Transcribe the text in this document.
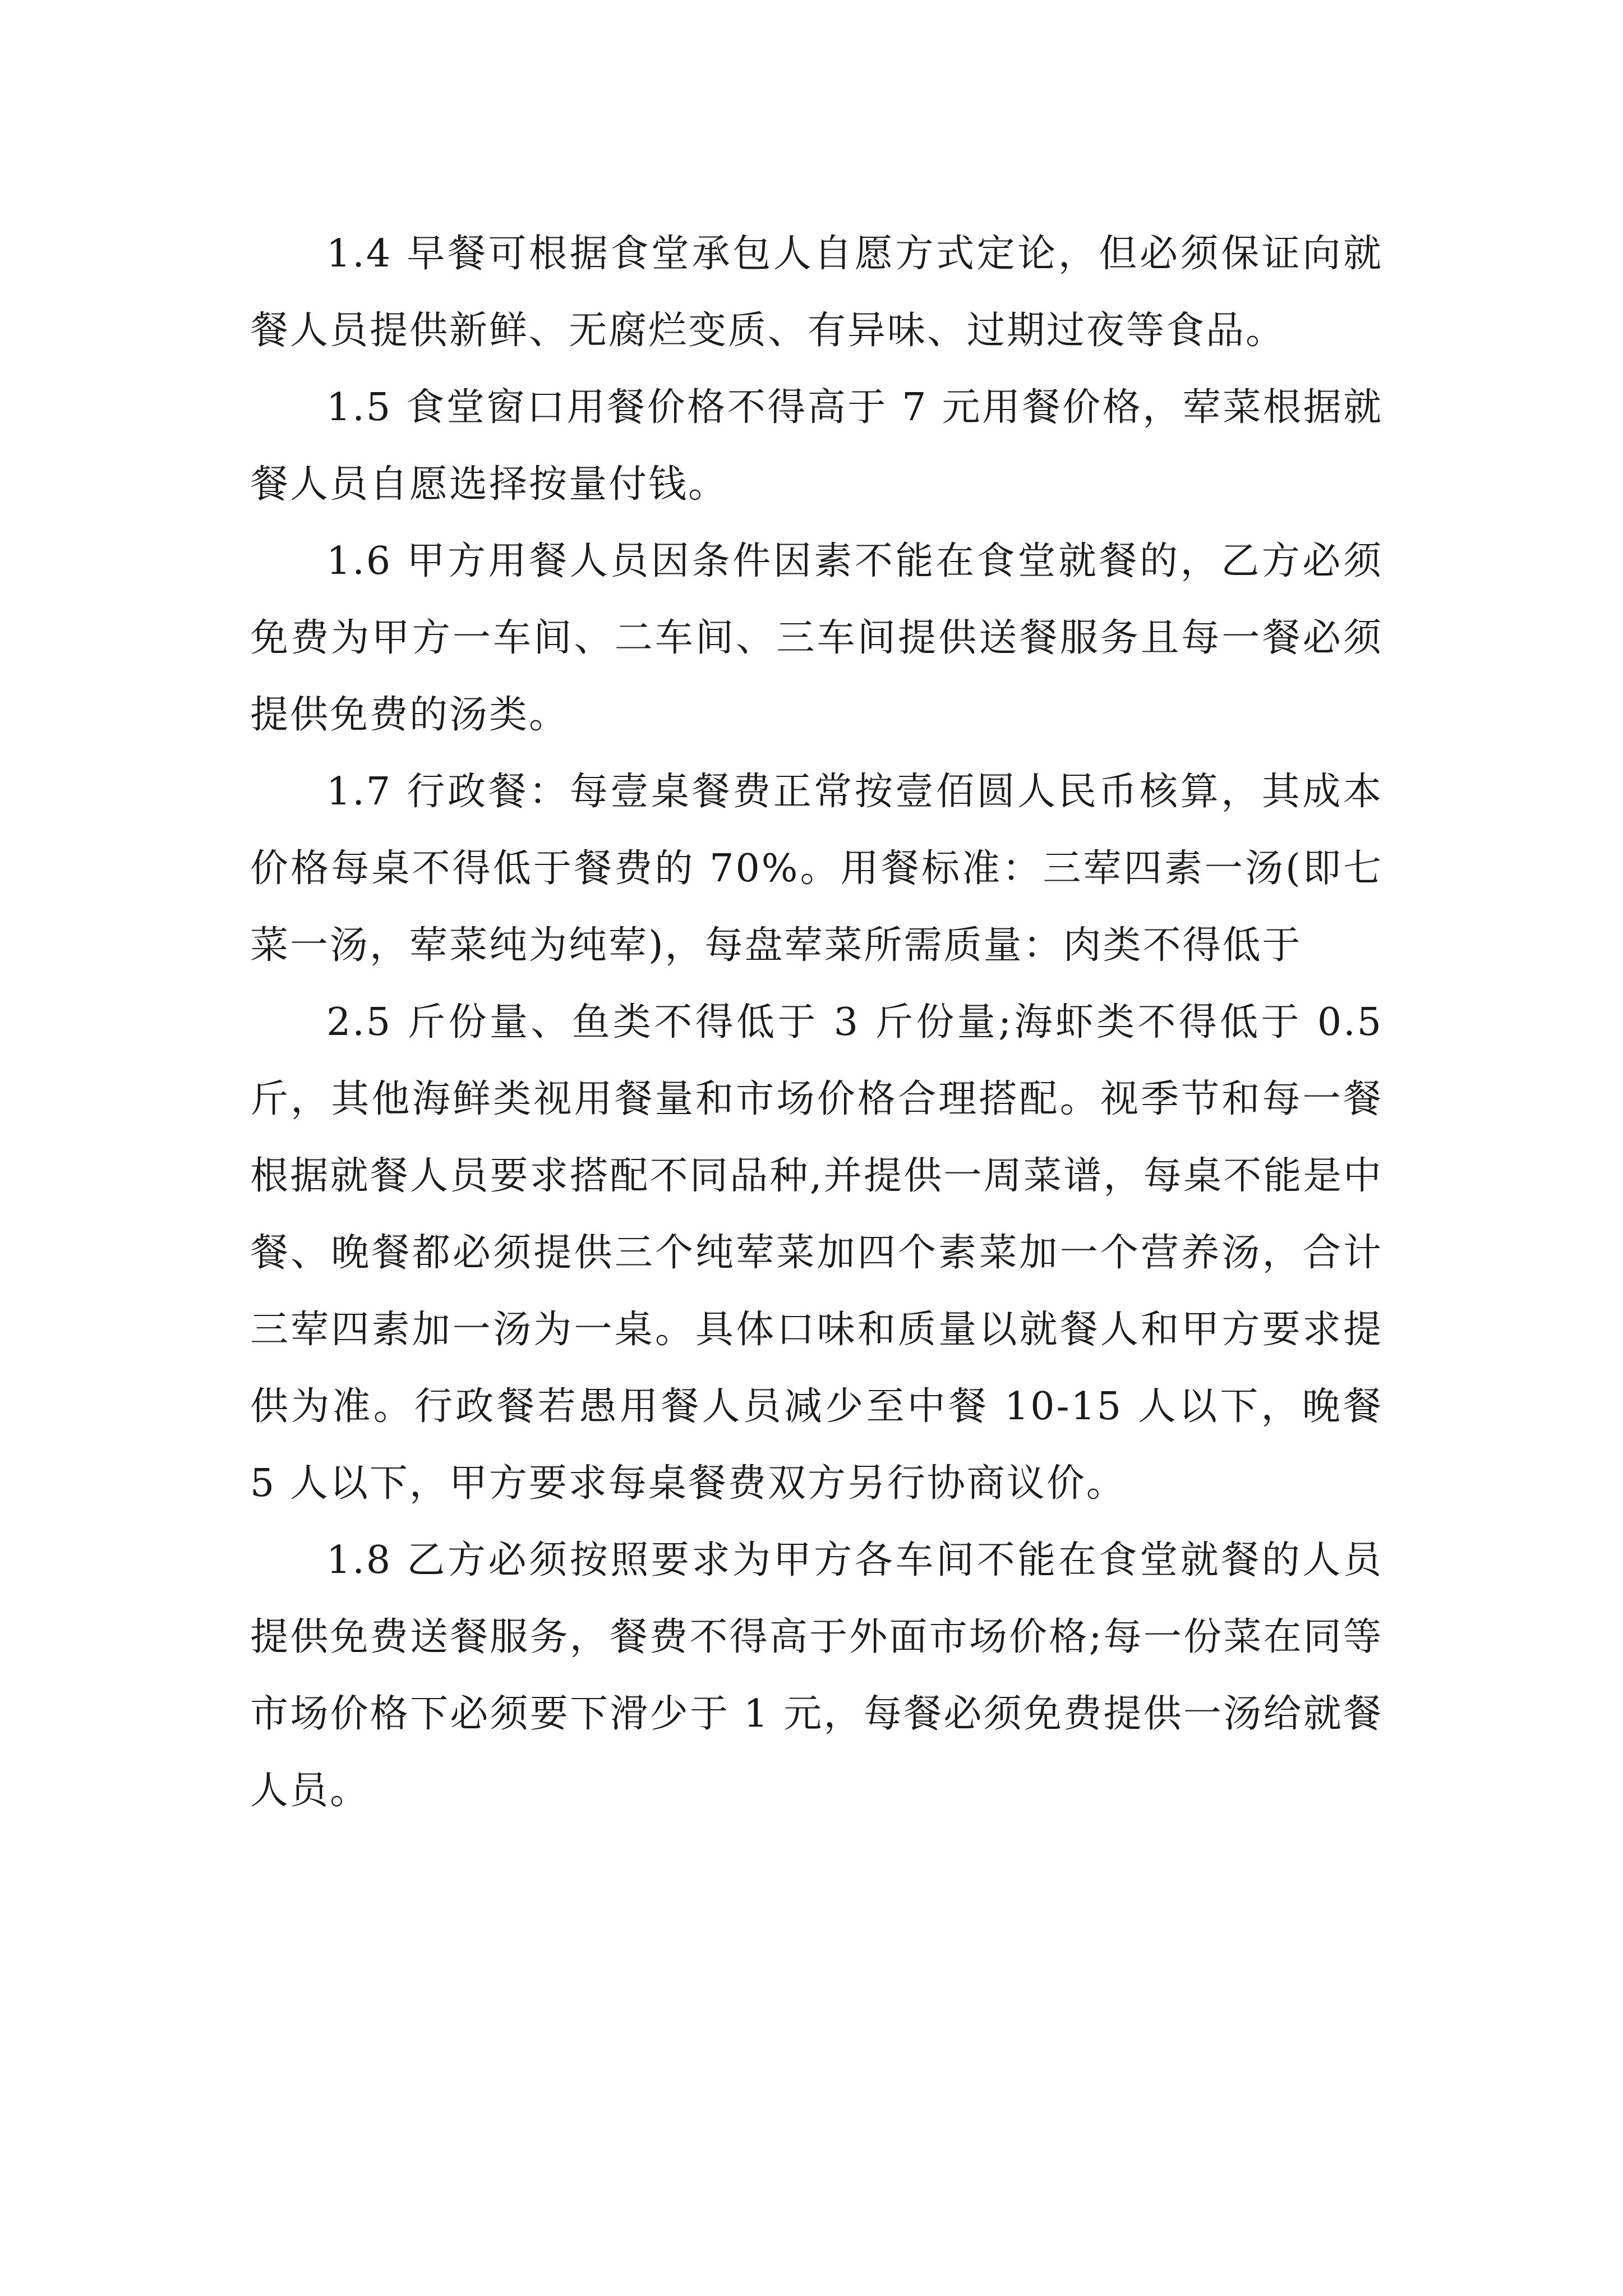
1.4 早餐可根据食堂承包人自愿方式定论，但必须保证向就餐人员提供新鲜、无腐烂变质、有异味、过期过夜等食品。

1.5 食堂窗口用餐价格不得高于 7 元用餐价格，荤菜根据就餐人员自愿选择按量付钱。

1.6 甲方用餐人员因条件因素不能在食堂就餐的，乙方必须免费为甲方一车间、二车间、三车间提供送餐服务且每一餐必须提供免费的汤类。

1.7 行政餐：每壹桌餐费正常按壹佰圆人民币核算，其成本价格每桌不得低于餐费的 70%。用餐标准：三荤四素一汤(即七菜一汤，荤菜纯为纯荤)，每盘荤菜所需质量：肉类不得低于

2.5 斤份量、鱼类不得低于 3 斤份量;海虾类不得低于 0.5 斤，其他海鲜类视用餐量和市场价格合理搭配。视季节和每一餐根据就餐人员要求搭配不同品种,并提供一周菜谱，每桌不能是中餐、晚餐都必须提供三个纯荤菜加四个素菜加一个营养汤，合计三荤四素加一汤为一桌。具体口味和质量以就餐人和甲方要求提供为准。行政餐若愚用餐人员减少至中餐 10-15 人以下，晚餐 5 人以下，甲方要求每桌餐费双方另行协商议价。

1.8 乙方必须按照要求为甲方各车间不能在食堂就餐的人员提供免费送餐服务，餐费不得高于外面市场价格;每一份菜在同等市场价格下必须要下滑少于 1 元，每餐必须免费提供一汤给就餐人员。
